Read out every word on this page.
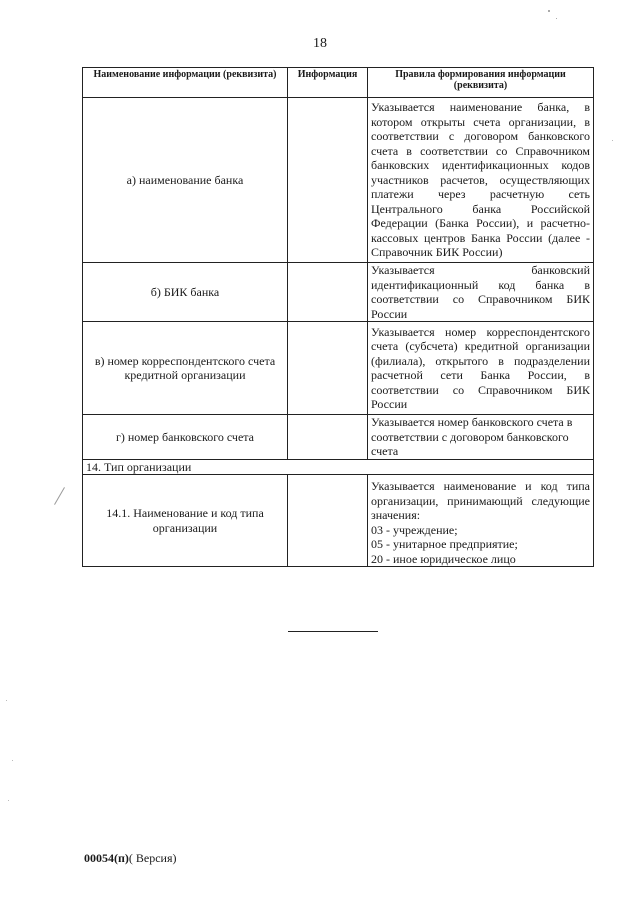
18
Наименование информации (реквизита)	Информация	Правила формирования информации (реквизита)
а) наименование банка		Указывается наименование банка, в котором открыты счета организации, в соответствии с договором банковского счета в соответствии со Справочником банковских идентификационных кодов участников расчетов, осуществляющих платежи через расчетную сеть Центрального банка Российской Федерации (Банка России), и расчетно-кассовых центров Банка России (далее - Справочник БИК России)
б) БИК банка		Указывается банковский идентификационный код банка в соответствии со Справочником БИК России
в) номер корреспондентского счета кредитной организации		Указывается номер корреспондентского счета (субсчета) кредитной организации (филиала), открытого в подразделении расчетной сети Банка России, в соответствии со Справочником БИК России
г) номер банковского счета		Указывается номер банковского счета в соответствии с договором банковского счета
14. Тип организации		
14.1. Наименование и код типа организации		Указывается наименование и код типа организации, принимающий следующие значения:
03 - учреждение;
05 - унитарное предприятие;
20 - иное юридическое лицо
00054(п)( Версия)
